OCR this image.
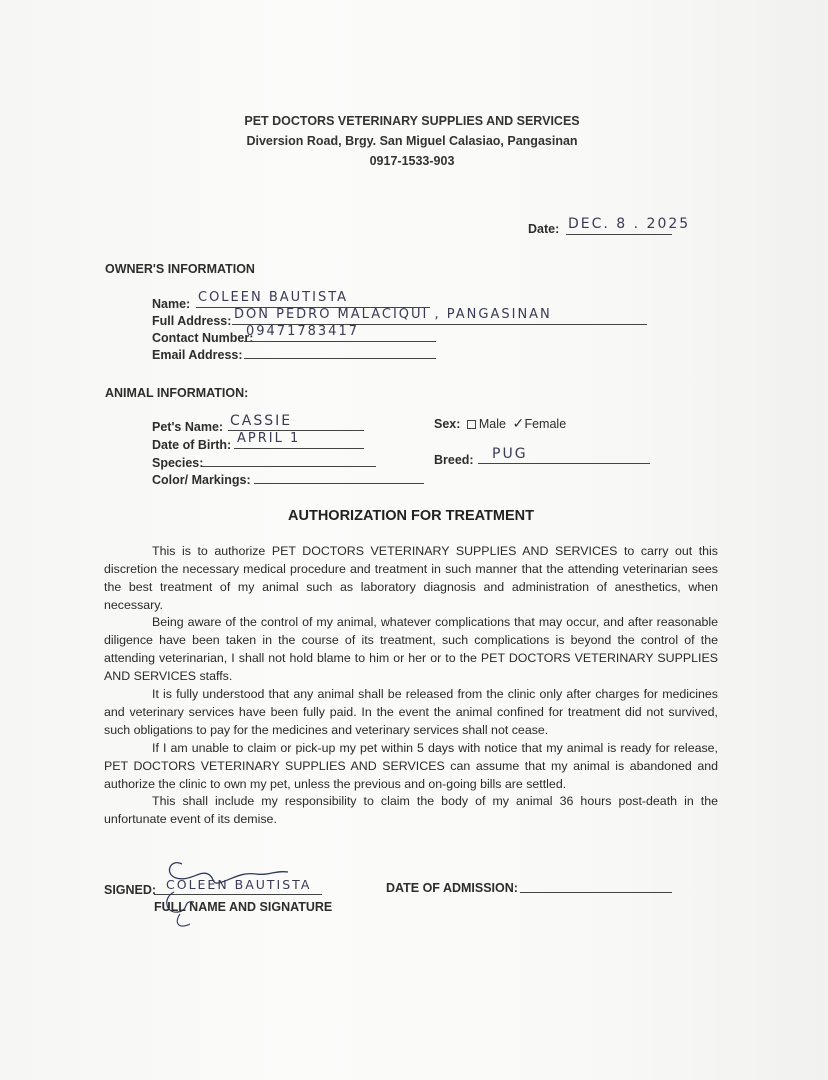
PET DOCTORS VETERINARY SUPPLIES AND SERVICES
Diversion Road, Brgy. San Miguel Calasiao, Pangasinan
0917-1533-903
Date: DEC. 8 . 2025
OWNER'S INFORMATION
Name: COLEEN BAUTISTA
Full Address: DON PEDRO MALACIQUI , PANGASINAN
Contact Number:
09471783417
Email Address:
ANIMAL INFORMATION:
Pet's Name: CASSIE
Date of Birth: APRIL 1
Species:
Color/ Markings:
Sex: Male ✓Female
Breed: PUG
AUTHORIZATION FOR TREATMENT
This is to authorize PET DOCTORS VETERINARY SUPPLIES AND SERVICES to carry out this discretion the necessary medical procedure and treatment in such manner that the attending veterinarian sees the best treatment of my animal such as laboratory diagnosis and administration of anesthetics, when necessary.
Being aware of the control of my animal, whatever complications that may occur, and after reasonable diligence have been taken in the course of its treatment, such complications is beyond the control of the attending veterinarian, I shall not hold blame to him or her or to the PET DOCTORS VETERINARY SUPPLIES AND SERVICES staffs.
It is fully understood that any animal shall be released from the clinic only after charges for medicines and veterinary services have been fully paid. In the event the animal confined for treatment did not survived, such obligations to pay for the medicines and veterinary services shall not cease.
If I am unable to claim or pick-up my pet within 5 days with notice that my animal is ready for release, PET DOCTORS VETERINARY SUPPLIES AND SERVICES can assume that my animal is abandoned and authorize the clinic to own my pet, unless the previous and on-going bills are settled.
This shall include my responsibility to claim the body of my animal 36 hours post-death in the unfortunate event of its demise.
SIGNED: COLEEN BAUTISTA
FULL NAME AND SIGNATURE
DATE OF ADMISSION:
